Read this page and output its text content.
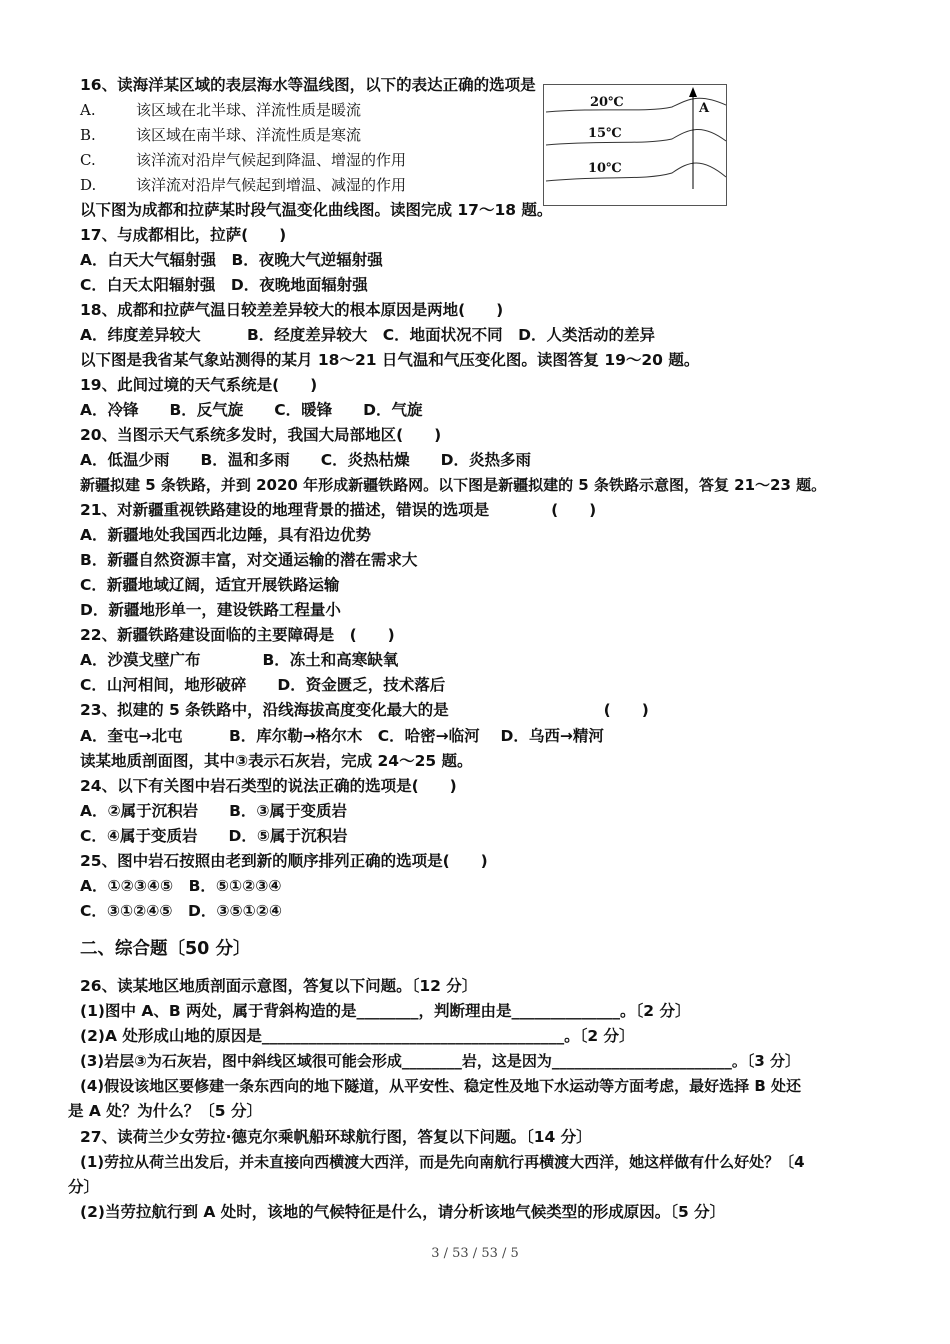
16、读海洋某区域的表层海水等温线图，以下的表达正确的选项是
A.	该区域在北半球、洋流性质是暖流
B.	该区域在南半球、洋流性质是寒流
C.	该洋流对沿岸气候起到降温、增湿的作用
D.	该洋流对沿岸气候起到增温、减湿的作用
20℃
15℃
10℃
A
以下图为成都和拉萨某时段气温变化曲线图。读图完成 17～18 题。
17、与成都相比，拉萨(　　)
A．白天大气辐射强　B．夜晚大气逆辐射强
C．白天太阳辐射强　D．夜晚地面辐射强
18、成都和拉萨气温日较差差异较大的根本原因是两地(　　)
A．纬度差异较大　　　B．经度差异较大　C．地面状况不同　D．人类活动的差异
以下图是我省某气象站测得的某月 18～21 日气温和气压变化图。读图答复 19～20 题。
19、此间过境的天气系统是(　　)
A．冷锋　　B．反气旋　　C．暖锋　　D．气旋
20、当图示天气系统多发时，我国大局部地区(　　)
A．低温少雨　　B．温和多雨　　C．炎热枯燥　　D．炎热多雨
新疆拟建 5 条铁路，并到 2020 年形成新疆铁路网。以下图是新疆拟建的 5 条铁路示意图，答复 21～23 题。
21、对新疆重视铁路建设的地理背景的描述，错误的选项是　　　　(　　)
A．新疆地处我国西北边陲，具有沿边优势
B．新疆自然资源丰富，对交通运输的潜在需求大
C．新疆地域辽阔，适宜开展铁路运输
D．新疆地形单一，建设铁路工程量小
22、新疆铁路建设面临的主要障碍是　(　　)
A．沙漠戈壁广布　　　　B．冻土和高寒缺氧
C．山河相间，地形破碎　　D．资金匮乏，技术落后
23、拟建的 5 条铁路中，沿线海拔高度变化最大的是　　　　　　　　　　(　　)
A．奎屯→北屯　　　B．库尔勒→格尔木　C．哈密→临河　 D．乌西→精河
读某地质剖面图，其中③表示石灰岩，完成 24～25 题。
24、以下有关图中岩石类型的说法正确的选项是(　　)
A．②属于沉积岩　　B．③属于变质岩
C．④属于变质岩　　D．⑤属于沉积岩
25、图中岩石按照由老到新的顺序排列正确的选项是(　　)
A．①②③④⑤　B．⑤①②③④
C．③①②④⑤　D．③⑤①②④
二、综合题〔50 分〕
26、读某地区地质剖面示意图，答复以下问题。〔12 分〕
(1)图中 A、B 两处，属于背斜构造的是________，判断理由是______________。〔2 分〕
(2)A 处形成山地的原因是_______________________________________。〔2 分〕
(3)岩层③为石灰岩，图中斜线区域很可能会形成________岩，这是因为________________________。〔3 分〕
(4)假设该地区要修建一条东西向的地下隧道，从平安性、稳定性及地下水运动等方面考虑，最好选择 B 处还
是 A 处？为什么？〔5 分〕
27、读荷兰少女劳拉·德克尔乘帆船环球航行图，答复以下问题。〔14 分〕
(1)劳拉从荷兰出发后，并未直接向西横渡大西洋，而是先向南航行再横渡大西洋，她这样做有什么好处？〔4
分〕
(2)当劳拉航行到 A 处时，该地的气候特征是什么，请分析该地气候类型的形成原因。〔5 分〕
3 / 53 / 53 / 5
